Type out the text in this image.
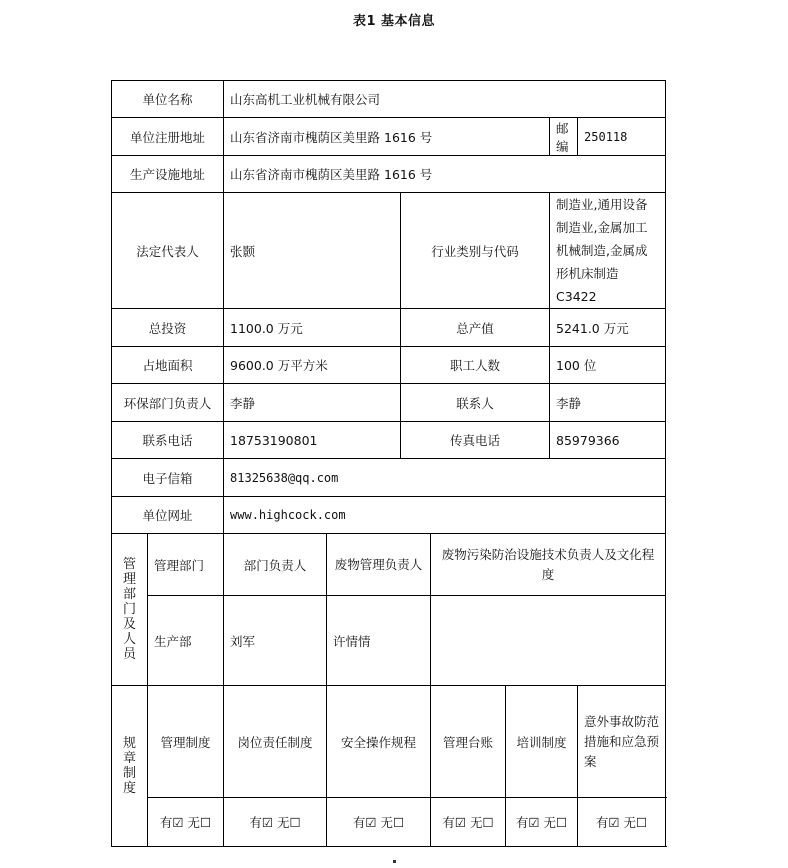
表1 基本信息
单位名称		山东高机工业机械有限公司						
单位注册地址		山东省济南市槐荫区美里路 1616 号					邮编	250118
生产设施地址		山东省济南市槐荫区美里路 1616 号						
法定代表人		张颢		行业类别与代码			制造业,通用设备制造业,金属加工机械制造,金属成形机床制造 C3422	
总投资		1100.0 万元		总产值			5241.0 万元	
占地面积		9600.0 万平方米		职工人数			100 位	
环保部门负责人		李静		联系人			李静	
联系电话		18753190801		传真电话			85979366	
电子信箱		81325638@qq.com						
单位网址		www.highcock.com						
管理部门及人员	管理部门	部门负责人	废物管理负责人		废物污染防治设施技术负责人及文化程度			
	生产部	刘军	许情情					
规章制度	管理制度	岗位责任制度	安全操作规程		管理台账	培训制度		意外事故防范措施和应急预案
	有☑ 无☐	有☑ 无☐	有☑ 无☐		有☑ 无☐	有☑ 无☐		有☑ 无☐
